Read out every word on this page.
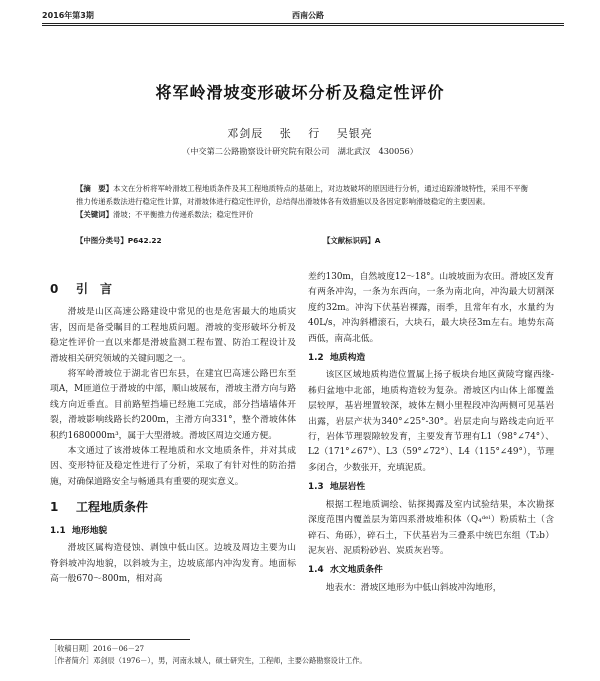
2016年第3期	西南公路
将军岭滑坡变形破坏分析及稳定性评价
邓剑辰 张 行 吴银亮
（中交第二公路勘察设计研究院有限公司　湖北武汉　430056）
【摘　要】本文在分析将军岭滑坡工程地质条件及其工程地质特点的基础上，对边坡破坏的原因进行分析，通过追踪滑坡特性，采用不平衡推力传递系数法进行稳定性计算，对滑坡体进行稳定性评价，总结得出滑坡体各有效措施以及各因定影响滑坡稳定的主要因素。
【关键词】滑坡；不平衡推力传递系数法；稳定性评价
【中图分类号】P642.22	【文献标识码】A
0 引　言

滑坡是山区高速公路建设中常见的也是危害最大的地质灾害，因而是备受瞩目的工程地质问题。滑坡的变形破坏分析及稳定性评价一直以来都是滑坡监测工程布置、防治工程设计及滑坡相关研究领域的关键问题之一。

将军岭滑坡位于湖北省巴东县，在建宜巴高速公路巴东至项A，M匝道位于滑坡的中部，顺山坡展布，滑坡主滑方向与路线方向近垂直。目前路堑挡墙已经施工完成，部分挡墙墙体开裂，滑坡影响线路长约200m，主滑方向331°，整个滑坡体体积约1680000m³，属于大型滑坡。滑坡区周边交通方便。

本文通过了该滑坡体工程地质和水文地质条件，并对其成因、变形特征及稳定性进行了分析，采取了有针对性的防治措施，对确保道路安全与畅通具有重要的现实意义。

1 工程地质条件
1.1 地形地貌

滑坡区属构造侵蚀、剥蚀中低山区。边坡及周边主要为山脊斜坡冲沟地貌，以斜坡为主，边坡底部内冲沟发育。地面标高一般670～800m，相对高

差约130m，自然坡度12～18°。山坡坡面为农田。滑坡区发育有两条冲沟，一条为东西向，一条为南北向，冲沟最大切割深度约32m。冲沟下伏基岩裸露，雨季，且常年有水，水量约为40L/s，冲沟斜槽滚石，大块石，最大块径3m左右。地势东高西低，南高北低。

1.2 地质构造

该区区域地质构造位置属上扬子板块台地区黄陵穹窿西缘-秭归盆地中北部，地质构造较为复杂。滑坡区内山体上部覆盖层较厚，基岩埋置较深，坡体左侧小里程段冲沟两侧可见基岩出露，岩层产状为340°∠25°-30°。岩层走向与路线走向近平行，岩体节理裂隙较发育，主要发育节理有L1（98°∠74°）、L2（171°∠67°）、L3（59°∠72°）、L4（115°∠49°），节理多闭合，少数张开，充填泥质。

1.3 地层岩性

根据工程地质调绘、钻探揭露及室内试验结果，本次勘探深度范围内覆盖层为第四系滑坡堆积体（Q₄ᵈᵉˡ）粉质粘土（含碎石、角砾），碎石土，下伏基岩为三叠系中统巴东组（T₂b）泥灰岩、泥质粉砂岩、炭质灰岩等。

1.4 水文地质条件

地表水：滑坡区地形为中低山斜坡冲沟地形，

［收稿日期］2016－06－27
［作者简介］邓剑辰（1976－），男，河南永城人，硕士研究生，工程师，主要公路勘察设计工作。
